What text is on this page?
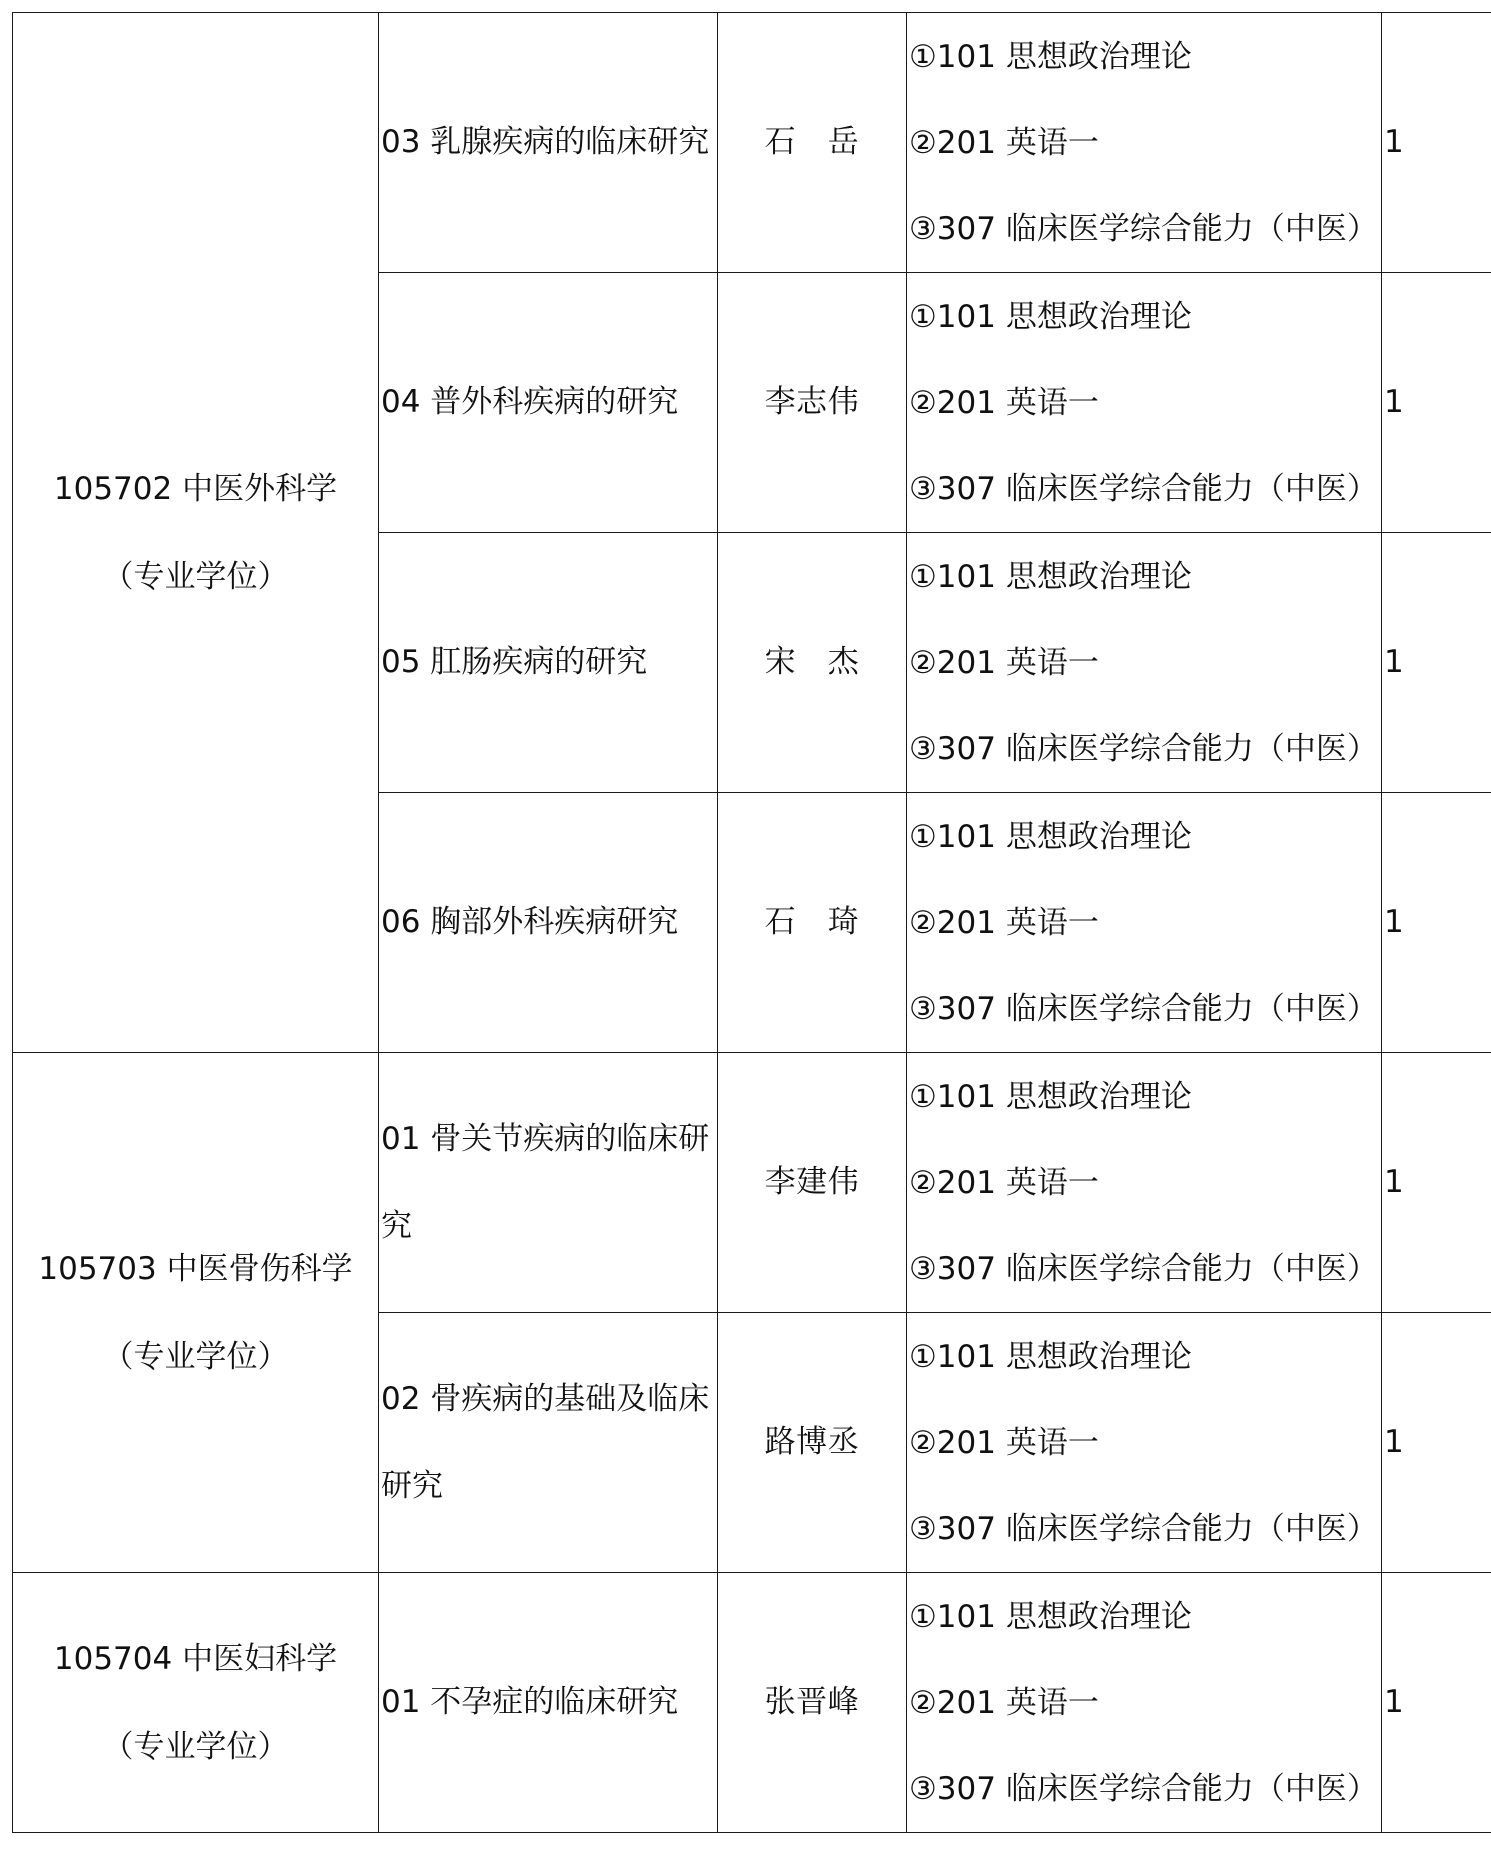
105702 中医外科学
（专业学位）	03 乳腺疾病的临床研究	石　岳	①101 思想政治理论
②201 英语一
③307 临床医学综合能力（中医）	1

	04 普外科疾病的研究	李志伟	①101 思想政治理论
②201 英语一
③307 临床医学综合能力（中医）	1

	05 肛肠疾病的研究	宋　杰	①101 思想政治理论
②201 英语一
③307 临床医学综合能力（中医）	1

	06 胸部外科疾病研究	石　琦	①101 思想政治理论
②201 英语一
③307 临床医学综合能力（中医）	1

105703 中医骨伤科学
（专业学位）	01 骨关节疾病的临床研究	李建伟	①101 思想政治理论
②201 英语一
③307 临床医学综合能力（中医）	1

	02 骨疾病的基础及临床研究	路博丞	①101 思想政治理论
②201 英语一
③307 临床医学综合能力（中医）	1

105704 中医妇科学
（专业学位）	01 不孕症的临床研究	张晋峰	①101 思想政治理论
②201 英语一
③307 临床医学综合能力（中医）	1
